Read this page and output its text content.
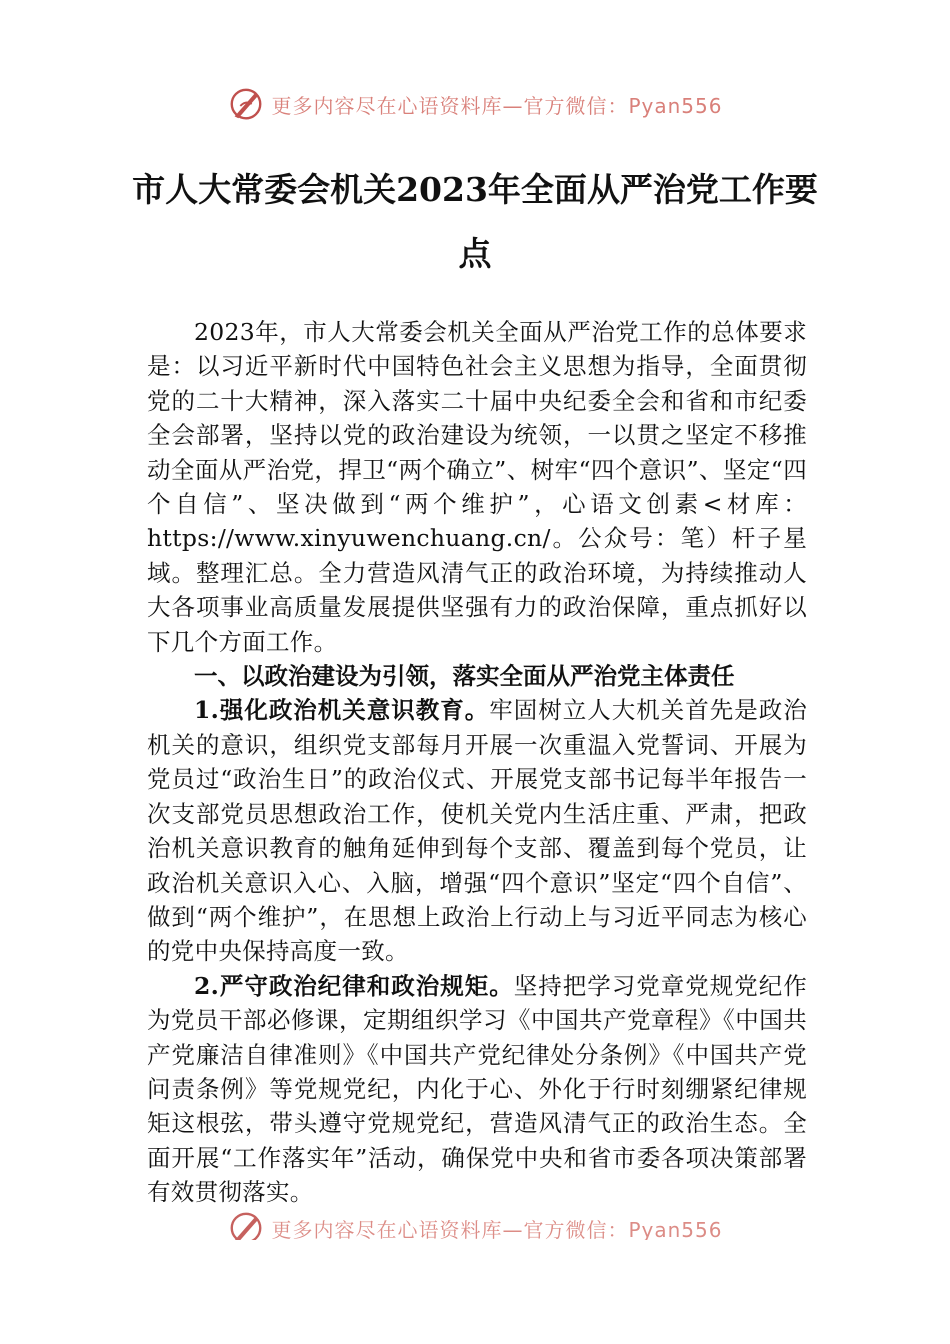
更多内容尽在心语资料库—官方微信：Pyan556
市人大常委会机关2023年全面从严治党工作要点

2023年，市人大常委会机关全面从严治党工作的总体要求是：以习近平新时代中国特色社会主义思想为指导，全面贯彻党的二十大精神，深入落实二十届中央纪委全会和省和市纪委全会部署，坚持以党的政治建设为统领，一以贯之坚定不移推动全面从严治党，捍卫“两个确立”、树牢“四个意识”、坚定“四个自信”、坚决做到“两个维护”，心语文创素<材库：https://www.xinyuwenchuang.cn/。公众号：笔）杆子星域。整理汇总。全力营造风清气正的政治环境，为持续推动人大各项事业高质量发展提供坚强有力的政治保障，重点抓好以下几个方面工作。

一、以政治建设为引领，落实全面从严治党主体责任

1.强化政治机关意识教育。牢固树立人大机关首先是政治机关的意识，组织党支部每月开展一次重温入党誓词、开展为党员过“政治生日”的政治仪式、开展党支部书记每半年报告一次支部党员思想政治工作，使机关党内生活庄重、严肃，把政治机关意识教育的触角延伸到每个支部、覆盖到每个党员，让政治机关意识入心、入脑，增强“四个意识”坚定“四个自信”、做到“两个维护”，在思想上政治上行动上与习近平同志为核心的党中央保持高度一致。

2.严守政治纪律和政治规矩。坚持把学习党章党规党纪作为党员干部必修课，定期组织学习《中国共产党章程》《中国共产党廉洁自律准则》《中国共产党纪律处分条例》《中国共产党问责条例》等党规党纪，内化于心、外化于行时刻绷紧纪律规矩这根弦，带头遵守党规党纪，营造风清气正的政治生态。全面开展“工作落实年”活动，确保党中央和省市委各项决策部署有效贯彻落实。

更多内容尽在心语资料库—官方微信：Pyan556
